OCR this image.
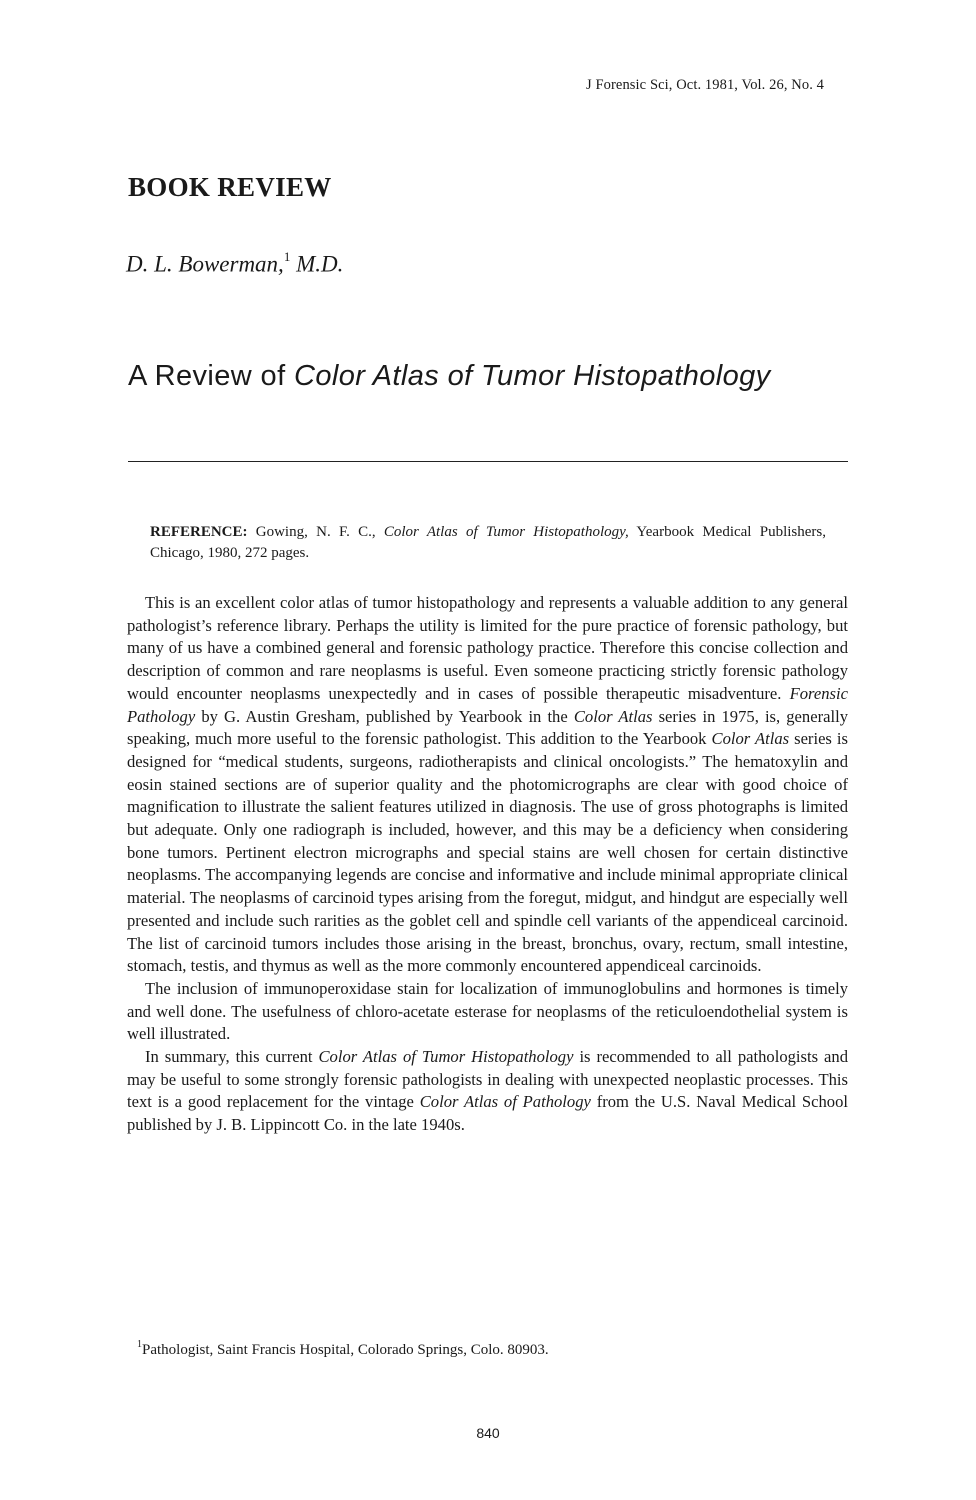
J Forensic Sci, Oct. 1981, Vol. 26, No. 4
BOOK REVIEW
D. L. Bowerman,$^1$ M.D.
A Review of Color Atlas of Tumor Histopathology
REFERENCE: Gowing, N. F. C., Color Atlas of Tumor Histopathology, Yearbook Medical Publishers, Chicago, 1980, 272 pages.

This is an excellent color atlas of tumor histopathology and represents a valuable addition to any general pathologist’s reference library. Perhaps the utility is limited for the pure practice of forensic pathology, but many of us have a combined general and forensic pathology practice. Therefore this concise collection and description of common and rare neoplasms is useful. Even someone practicing strictly forensic pathology would encounter neoplasms unexpectedly and in cases of possible therapeutic misadventure. Forensic Pathology by G. Austin Gresham, published by Yearbook in the Color Atlas series in 1975, is, generally speaking, much more useful to the forensic pathologist. This addition to the Yearbook Color Atlas series is designed for “medical students, surgeons, radiotherapists and clinical oncologists.” The hematoxylin and eosin stained sections are of superior quality and the photomicrographs are clear with good choice of magnification to illustrate the salient features utilized in diagnosis. The use of gross photographs is limited but adequate. Only one radiograph is included, however, and this may be a deficiency when considering bone tumors. Pertinent electron micrographs and special stains are well chosen for certain distinctive neoplasms. The accompanying legends are concise and informative and include minimal appropriate clinical material. The neoplasms of carcinoid types arising from the foregut, midgut, and hindgut are especially well presented and include such rarities as the goblet cell and spindle cell variants of the appendiceal carcinoid. The list of carcinoid tumors includes those arising in the breast, bronchus, ovary, rectum, small intestine, stomach, testis, and thymus as well as the more commonly encountered appendiceal carcinoids.

The inclusion of immunoperoxidase stain for localization of immunoglobulins and hormones is timely and well done. The usefulness of chloro-acetate esterase for neoplasms of the reticuloendothelial system is well illustrated.

In summary, this current Color Atlas of Tumor Histopathology is recommended to all pathologists and may be useful to some strongly forensic pathologists in dealing with unexpected neoplastic processes. This text is a good replacement for the vintage Color Atlas of Pathology from the U.S. Naval Medical School published by J. B. Lippincott Co. in the late 1940s.

$^1$Pathologist, Saint Francis Hospital, Colorado Springs, Colo. 80903.
840
